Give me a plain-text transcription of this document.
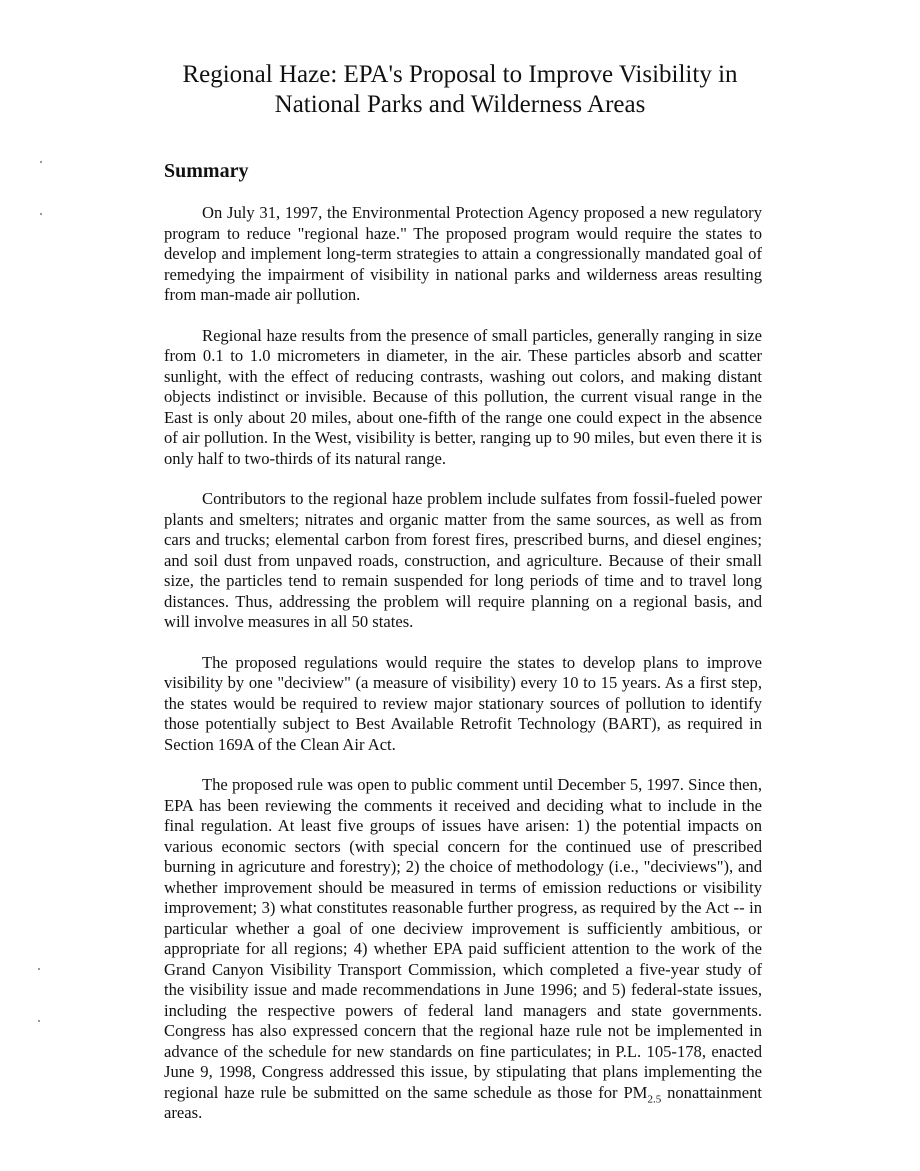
Regional Haze: EPA's Proposal to Improve Visibility in
National Parks and Wilderness Areas
Summary

On July 31, 1997, the Environmental Protection Agency proposed a new regulatory program to reduce "regional haze." The proposed program would require the states to develop and implement long-term strategies to attain a congressionally mandated goal of remedying the impairment of visibility in national parks and wilderness areas resulting from man-made air pollution.

Regional haze results from the presence of small particles, generally ranging in size from 0.1 to 1.0 micrometers in diameter, in the air. These particles absorb and scatter sunlight, with the effect of reducing contrasts, washing out colors, and making distant objects indistinct or invisible. Because of this pollution, the current visual range in the East is only about 20 miles, about one-fifth of the range one could expect in the absence of air pollution. In the West, visibility is better, ranging up to 90 miles, but even there it is only half to two-thirds of its natural range.

Contributors to the regional haze problem include sulfates from fossil-fueled power plants and smelters; nitrates and organic matter from the same sources, as well as from cars and trucks; elemental carbon from forest fires, prescribed burns, and diesel engines; and soil dust from unpaved roads, construction, and agriculture. Because of their small size, the particles tend to remain suspended for long periods of time and to travel long distances. Thus, addressing the problem will require planning on a regional basis, and will involve measures in all 50 states.

The proposed regulations would require the states to develop plans to improve visibility by one "deciview" (a measure of visibility) every 10 to 15 years. As a first step, the states would be required to review major stationary sources of pollution to identify those potentially subject to Best Available Retrofit Technology (BART), as required in Section 169A of the Clean Air Act.

The proposed rule was open to public comment until December 5, 1997. Since then, EPA has been reviewing the comments it received and deciding what to include in the final regulation. At least five groups of issues have arisen: 1) the potential impacts on various economic sectors (with special concern for the continued use of prescribed burning in agricuture and forestry); 2) the choice of methodology (i.e., "deciviews"), and whether improvement should be measured in terms of emission reductions or visibility improvement; 3) what constitutes reasonable further progress, as required by the Act -- in particular whether a goal of one deciview improvement is sufficiently ambitious, or appropriate for all regions; 4) whether EPA paid sufficient attention to the work of the Grand Canyon Visibility Transport Commission, which completed a five-year study of the visibility issue and made recommendations in June 1996; and 5) federal-state issues, including the respective powers of federal land managers and state governments. Congress has also expressed concern that the regional haze rule not be implemented in advance of the schedule for new standards on fine particulates; in P.L. 105-178, enacted June 9, 1998, Congress addressed this issue, by stipulating that plans implementing the regional haze rule be submitted on the same schedule as those for $PM_{2.5}$ nonattainment areas.
